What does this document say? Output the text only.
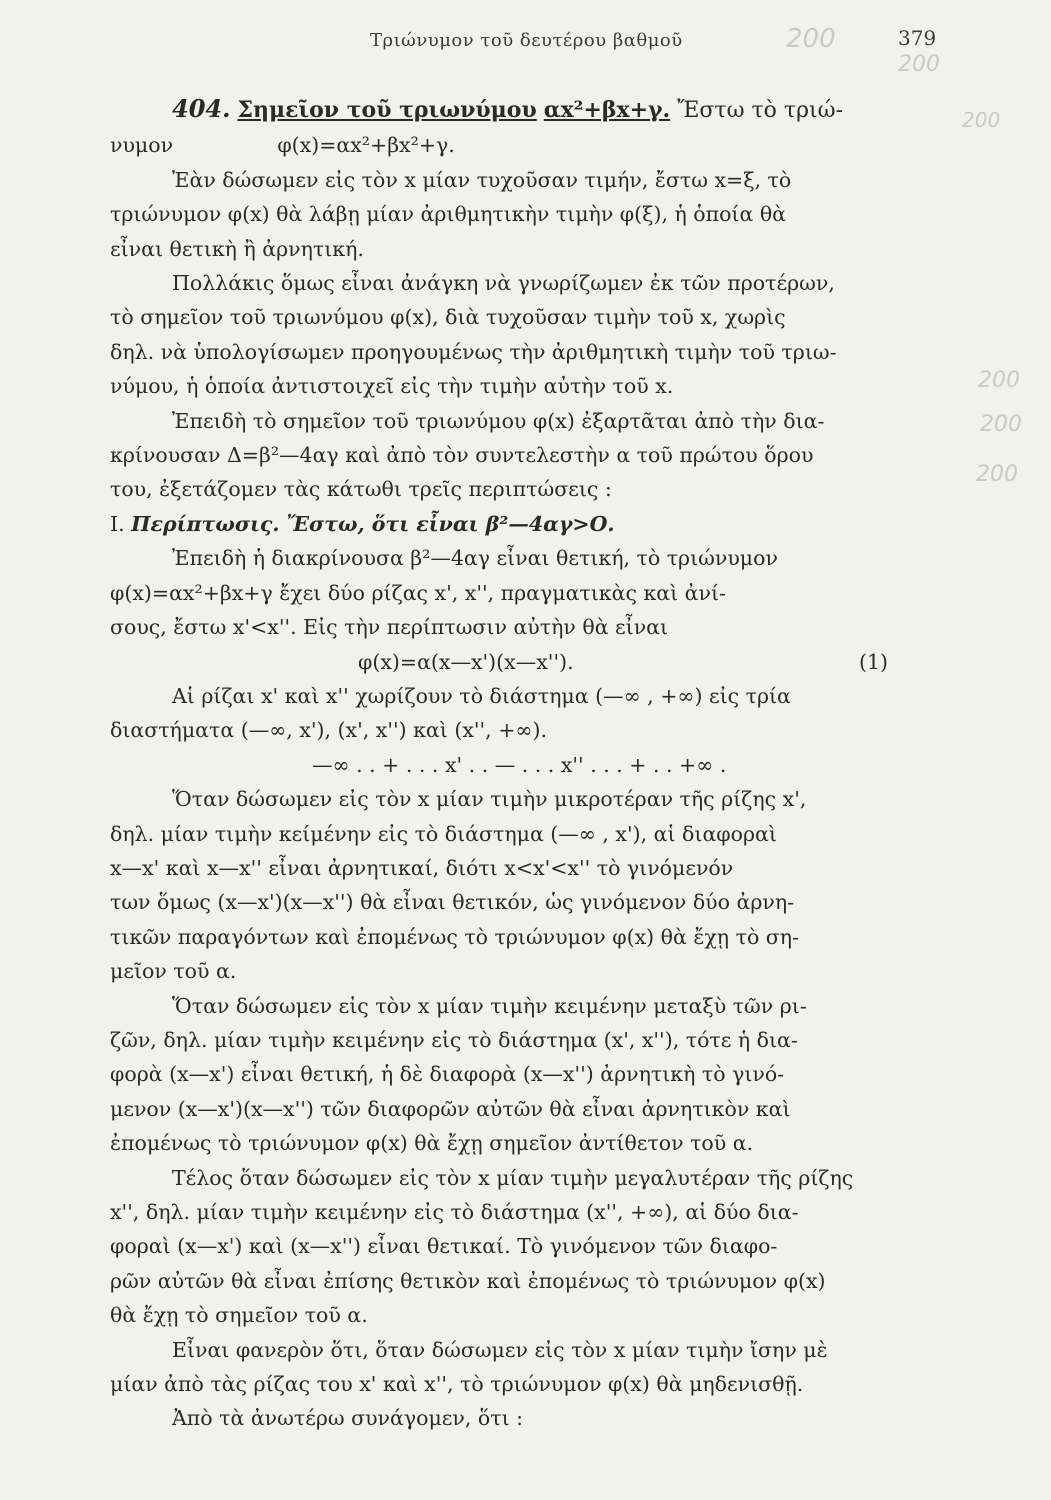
Τριώνυμον τοῦ δευτέρου βαθμοῦ	379
200
200
200
200
200
200
404. Σημεῖον τοῦ τριωνύμου αx²+βx+γ. Ἔστω τὸ τριώ-
νυμον                φ(x)=αx²+βx²+γ.
Ἐὰν δώσωμεν εἰς τὸν x μίαν τυχοῦσαν τιμήν, ἔστω x=ξ, τὸ
τριώνυμον φ(x) θὰ λάβῃ μίαν ἀριθμητικὴν τιμὴν φ(ξ), ἡ ὁποία θὰ
εἶναι θετικὴ ἢ ἀρνητική.
Πολλάκις ὅμως εἶναι ἀνάγκη νὰ γνωρίζωμεν ἐκ τῶν προτέρων,
τὸ σημεῖον τοῦ τριωνύμου φ(x), διὰ τυχοῦσαν τιμὴν τοῦ x, χωρὶς
δηλ. νὰ ὑπολογίσωμεν προηγουμένως τὴν ἀριθμητικὴ τιμὴν τοῦ τριω-
νύμου, ἡ ὁποία ἀντιστοιχεῖ εἰς τὴν τιμὴν αὐτὴν τοῦ x.
Ἐπειδὴ τὸ σημεῖον τοῦ τριωνύμου φ(x) ἐξαρτᾶται ἀπὸ τὴν δια-
κρίνουσαν Δ=β²—4αγ καὶ ἀπὸ τὸν συντελεστὴν α τοῦ πρώτου ὅρου
του, ἐξετάζομεν τὰς κάτωθι τρεῖς περιπτώσεις :
Ι. Περίπτωσις. Ἔστω, ὅτι εἶναι β²—4αγ>Ο.
Ἐπειδὴ ἡ διακρίνουσα β²—4αγ εἶναι θετική, τὸ τριώνυμον
φ(x)=αx²+βx+γ ἔχει δύο ρίζας x', x'', πραγματικὰς καὶ ἀνί-
σους, ἔστω x'<x''. Εἰς τὴν περίπτωσιν αὐτὴν θὰ εἶναι
φ(x)=α(x—x')(x—x'').	(1)
Αἱ ρίζαι x' καὶ x'' χωρίζουν τὸ διάστημα (—∞ , +∞) εἰς τρία
διαστήματα (—∞, x'), (x', x'') καὶ (x'', +∞).
—∞ . . + . . . x' . . — . . . x'' . . . + . . +∞ .
Ὅταν δώσωμεν εἰς τὸν x μίαν τιμὴν μικροτέραν τῆς ρίζης x',
δηλ. μίαν τιμὴν κείμένην εἰς τὸ διάστημα (—∞ , x'), αἱ διαφοραὶ
x—x' καὶ x—x'' εἶναι ἀρνητικαί, διότι x<x'<x'' τὸ γινόμενόν
των ὅμως (x—x')(x—x'') θὰ εἶναι θετικόν, ὡς γινόμενον δύο ἀρνη-
τικῶν παραγόντων καὶ ἐπομένως τὸ τριώνυμον φ(x) θὰ ἔχῃ τὸ ση-
μεῖον τοῦ α.
Ὅταν δώσωμεν εἰς τὸν x μίαν τιμὴν κειμένην μεταξὺ τῶν ρι-
ζῶν, δηλ. μίαν τιμὴν κειμένην εἰς τὸ διάστημα (x', x''), τότε ἡ δια-
φορὰ (x—x') εἶναι θετική, ἡ δὲ διαφορὰ (x—x'') ἀρνητικὴ τὸ γινό-
μενον (x—x')(x—x'') τῶν διαφορῶν αὐτῶν θὰ εἶναι ἀρνητικὸν καὶ
ἐπομένως τὸ τριώνυμον φ(x) θὰ ἔχῃ σημεῖον ἀντίθετον τοῦ α.
Τέλος ὅταν δώσωμεν εἰς τὸν x μίαν τιμὴν μεγαλυτέραν τῆς ρίζης
x'', δηλ. μίαν τιμὴν κειμένην εἰς τὸ διάστημα (x'', +∞), αἱ δύο δια-
φοραὶ (x—x') καὶ (x—x'') εἶναι θετικαί. Τὸ γινόμενον τῶν διαφο-
ρῶν αὐτῶν θὰ εἶναι ἐπίσης θετικὸν καὶ ἐπομένως τὸ τριώνυμον φ(x)
θὰ ἔχῃ τὸ σημεῖον τοῦ α.
Εἶναι φανερὸν ὅτι, ὅταν δώσωμεν εἰς τὸν x μίαν τιμὴν ἴσην μὲ
μίαν ἀπὸ τὰς ρίζας του x' καὶ x'', τὸ τριώνυμον φ(x) θὰ μηδενισθῇ.
Ἀπὸ τὰ ἀνωτέρω συνάγομεν, ὅτι :
